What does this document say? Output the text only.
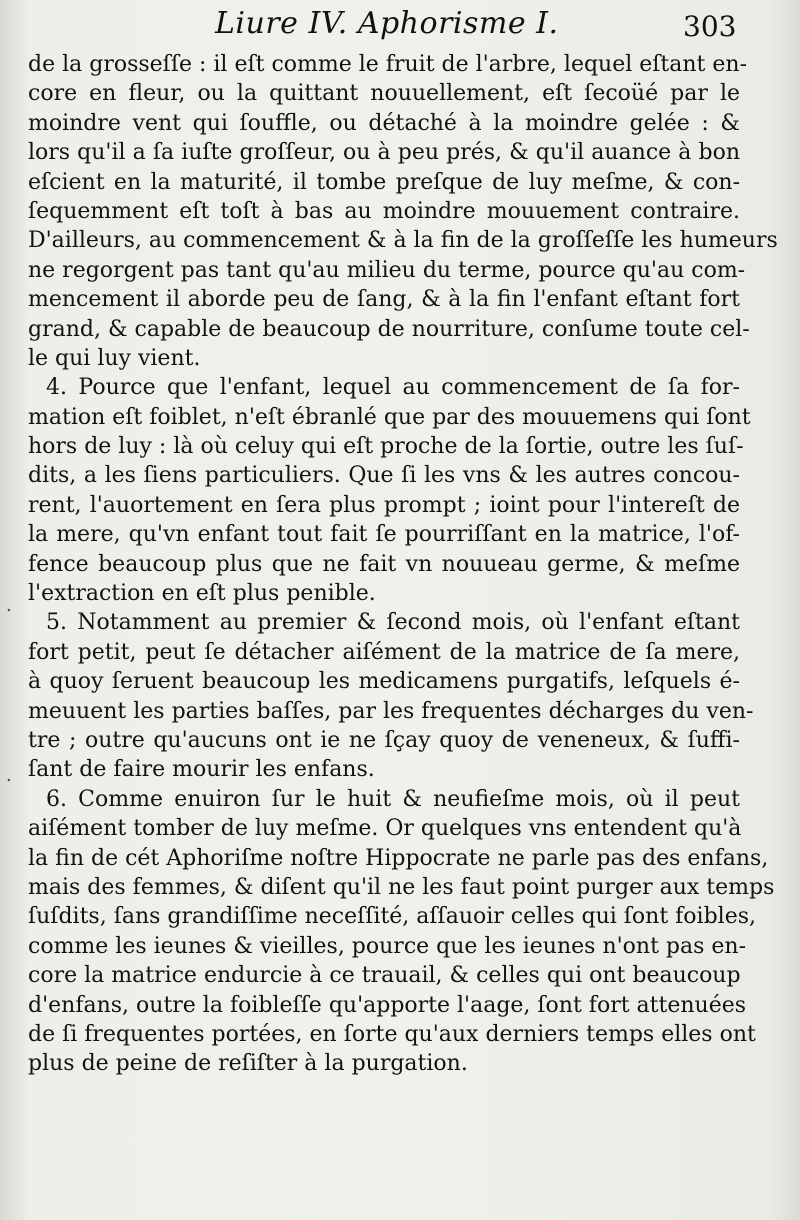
Liure IV. Aphorisme I.	303
de la grosseſſe : il eſt comme le fruit de l'arbre, lequel eſtant en-
core en fleur, ou la quittant nouuellement, eſt ſecoüé par le
moindre vent qui ſouffle, ou détaché à la moindre gelée : &
lors qu'il a ſa iuſte groſſeur, ou à peu prés, & qu'il auance à bon
eſcient en la maturité, il tombe preſque de luy meſme, & con-
ſequemment eſt toſt à bas au moindre mouuement contraire.
D'ailleurs, au commencement & à la fin de la groſſeſſe les humeurs
ne regorgent pas tant qu'au milieu du terme, pource qu'au com-
mencement il aborde peu de ſang, & à la fin l'enfant eſtant fort
grand, & capable de beaucoup de nourriture, conſume toute cel-
le qui luy vient.
4. Pource que l'enfant, lequel au commencement de ſa for-
mation eſt foiblet, n'eſt ébranlé que par des mouuemens qui ſont
hors de luy : là où celuy qui eſt proche de la ſortie, outre les ſuſ-
dits, a les ſiens particuliers. Que ſi les vns & les autres concou-
rent, l'auortement en ſera plus prompt ; ioint pour l'intereſt de
la mere, qu'vn enfant tout fait ſe pourriſſant en la matrice, l'of-
fence beaucoup plus que ne fait vn nouueau germe, & meſme
l'extraction en eſt plus penible.
5. Notamment au premier & ſecond mois, où l'enfant eſtant
fort petit, peut ſe détacher aiſément de la matrice de ſa mere,
à quoy ſeruent beaucoup les medicamens purgatifs, leſquels é-
meuuent les parties baſſes, par les frequentes décharges du ven-
tre ; outre qu'aucuns ont ie ne ſçay quoy de veneneux, & ſuffi-
ſant de faire mourir les enfans.
6. Comme enuiron ſur le huit & neufieſme mois, où il peut
aiſément tomber de luy meſme. Or quelques vns entendent qu'à
la fin de cét Aphoriſme noſtre Hippocrate ne parle pas des enfans,
mais des femmes, & diſent qu'il ne les faut point purger aux temps
ſuſdits, ſans grandiſſime neceſſité, aſſauoir celles qui ſont foibles,
comme les ieunes & vieilles, pource que les ieunes n'ont pas en-
core la matrice endurcie à ce trauail, & celles qui ont beaucoup
d'enfans, outre la foibleſſe qu'apporte l'aage, ſont fort attenuées
de ſi frequentes portées, en ſorte qu'aux derniers temps elles ont
plus de peine de reſiſter à la purgation.
.
.
